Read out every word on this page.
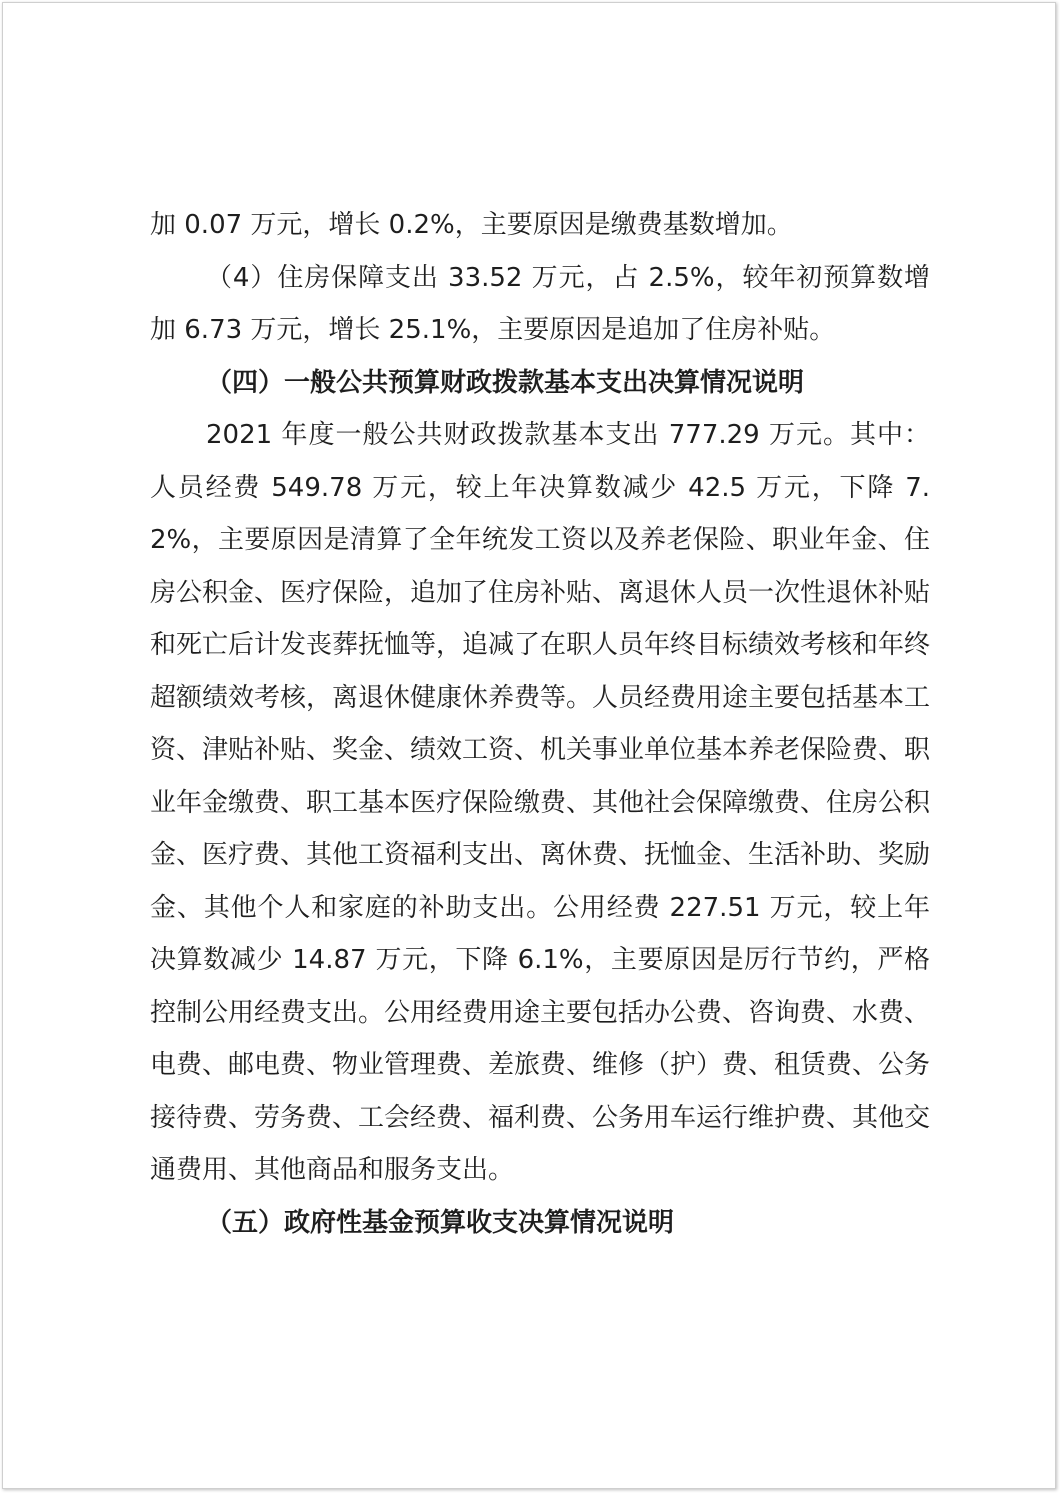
加 0.07 万元，增长 0.2%，主要原因是缴费基数增加。

（4）住房保障支出 33.52 万元，占 2.5%，较年初预算数增加 6.73 万元，增长 25.1%，主要原因是追加了住房补贴。

（四）一般公共预算财政拨款基本支出决算情况说明

2021 年度一般公共财政拨款基本支出 777.29 万元。其中：人员经费 549.78 万元，较上年决算数减少 42.5 万元，下降 7.2%，主要原因是清算了全年统发工资以及养老保险、职业年金、住房公积金、医疗保险，追加了住房补贴、离退休人员一次性退休补贴和死亡后计发丧葬抚恤等，追减了在职人员年终目标绩效考核和年终超额绩效考核，离退休健康休养费等。人员经费用途主要包括基本工资、津贴补贴、奖金、绩效工资、机关事业单位基本养老保险费、职业年金缴费、职工基本医疗保险缴费、其他社会保障缴费、住房公积金、医疗费、其他工资福利支出、离休费、抚恤金、生活补助、奖励金、其他个人和家庭的补助支出。公用经费 227.51 万元，较上年决算数减少 14.87 万元，下降 6.1%，主要原因是厉行节约，严格控制公用经费支出。公用经费用途主要包括办公费、咨询费、水费、电费、邮电费、物业管理费、差旅费、维修（护）费、租赁费、公务接待费、劳务费、工会经费、福利费、公务用车运行维护费、其他交通费用、其他商品和服务支出。

（五）政府性基金预算收支决算情况说明
